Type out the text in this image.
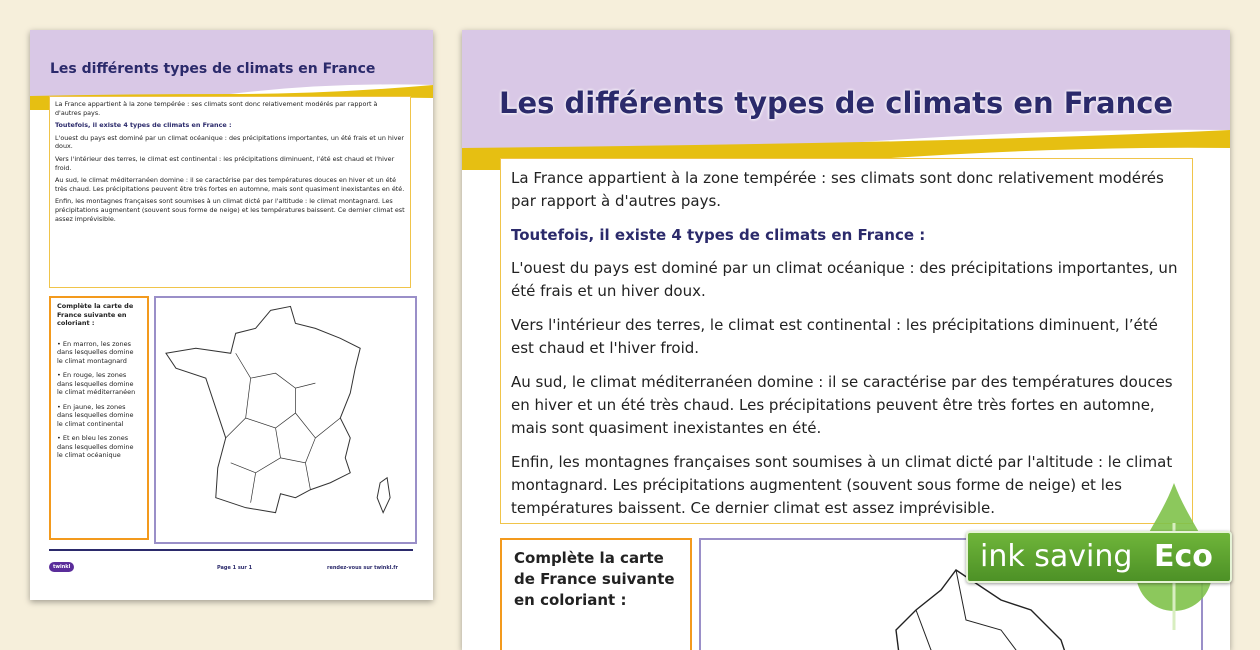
Les différents types de climats en France

La France appartient à la zone tempérée : ses climats sont donc relativement modérés par rapport à d'autres pays.

Toutefois, il existe 4 types de climats en France :

L'ouest du pays est dominé par un climat océanique : des précipitations importantes, un été frais et un hiver doux.

Vers l'intérieur des terres, le climat est continental : les précipitations diminuent, l’été est chaud et l'hiver froid.

Au sud, le climat méditerranéen domine : il se caractérise par des températures douces en hiver et un été très chaud. Les précipitations peuvent être très fortes en automne, mais sont quasiment inexistantes en été.

Enfin, les montagnes françaises sont soumises à un climat dicté par l'altitude : le climat montagnard. Les précipitations augmentent (souvent sous forme de neige) et les températures baissent. Ce dernier climat est assez imprévisible.

Complète la carte de France suivante en coloriant :
• En marron, les zones dans lesquelles domine le climat montagnard
• En rouge, les zones dans lesquelles domine le climat méditerranéen
• En jaune, les zones dans lesquelles domine le climat continental
• Et en bleu les zones dans lesquelles domine le climat océanique
twinkl	Page 1 sur 1	rendez-vous sur twinkl.fr
Les différents types de climats en France

La France appartient à la zone tempérée : ses climats sont donc relativement modérés par rapport à d'autres pays.

Toutefois, il existe 4 types de climats en France :

L'ouest du pays est dominé par un climat océanique : des précipitations importantes, un été frais et un hiver doux.

Vers l'intérieur des terres, le climat est continental : les précipitations diminuent, l’été est chaud et l'hiver froid.

Au sud, le climat méditerranéen domine : il se caractérise par des températures douces en hiver et un été très chaud. Les précipitations peuvent être très fortes en automne, mais sont quasiment inexistantes en été.

Enfin, les montagnes françaises sont soumises à un climat dicté par l'altitude : le climat montagnard. Les précipitations augmentent (souvent sous forme de neige) et les températures baissent. Ce dernier climat est assez imprévisible.

Complète la carte de France suivante en coloriant :
ink saving Eco
